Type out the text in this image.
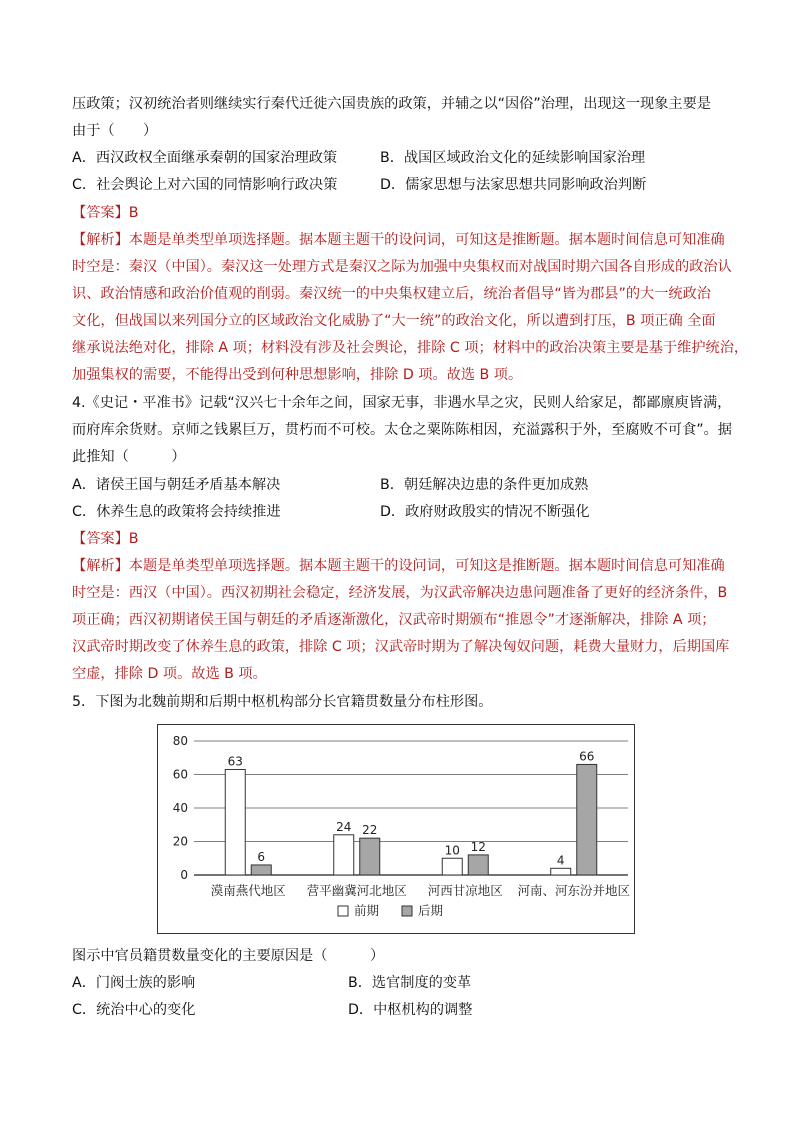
压政策；汉初统治者则继续实行秦代迁徙六国贵族的政策，并辅之以“因俗”治理，出现这一现象主要是
由于（　　）
A．西汉政权全面继承秦朝的国家治理政策	B．战国区域政治文化的延续影响国家治理
C．社会舆论上对六国的同情影响行政决策	D．儒家思想与法家思想共同影响政治判断
【答案】B
【解析】本题是单类型单项选择题。据本题主题干的设问词，可知这是推断题。据本题时间信息可知准确
时空是：秦汉（中国）。秦汉这一处理方式是秦汉之际为加强中央集权而对战国时期六国各自形成的政治认
识、政治情感和政治价值观的削弱。秦汉统一的中央集权建立后，统治者倡导“皆为郡县”的大一统政治
文化，但战国以来列国分立的区域政治文化威胁了“大一统”的政治文化，所以遭到打压，B 项正确 全面
继承说法绝对化，排除 A 项；材料没有涉及社会舆论，排除 C 项；材料中的政治决策主要是基于维护统治，
加强集权的需要，不能得出受到何种思想影响，排除 D 项。故选 B 项。
4.《史记・平准书》记载“汉兴七十余年之间，国家无事，非遇水旱之灾，民则人给家足，都鄙廪庾皆满，
而府库余货财。京师之钱累巨万，贯朽而不可校。太仓之粟陈陈相因，充溢露积于外，至腐败不可食”。据
此推知（　　　）
A．诸侯王国与朝廷矛盾基本解决	B．朝廷解决边患的条件更加成熟
C．休养生息的政策将会持续推进	D．政府财政殷实的情况不断强化
【答案】B
【解析】本题是单类型单项选择题。据本题主题干的设问词，可知这是推断题。据本题时间信息可知准确
时空是：西汉（中国）。西汉初期社会稳定，经济发展，为汉武帝解决边患问题准备了更好的经济条件，B
项正确；西汉初期诸侯王国与朝廷的矛盾逐渐激化，汉武帝时期颁布“推恩令”才逐渐解决，排除 A 项；
汉武帝时期改变了休养生息的政策，排除 C 项；汉武帝时期为了解决匈奴问题，耗费大量财力，后期国库
空虚，排除 D 项。故选 B 项。
5．下图为北魏前期和后期中枢机构部分长官籍贯数量分布柱形图。
0
20
40
60
80
63
6
漠南燕代地区
24 22
营平幽冀河北地区
10 12
河西甘凉地区
4
66
河南、河东汾并地区
前期	后期
图示中官员籍贯数量变化的主要原因是（　　　）
A．门阀士族的影响	B．选官制度的变革
C．统治中心的变化	D．中枢机构的调整
